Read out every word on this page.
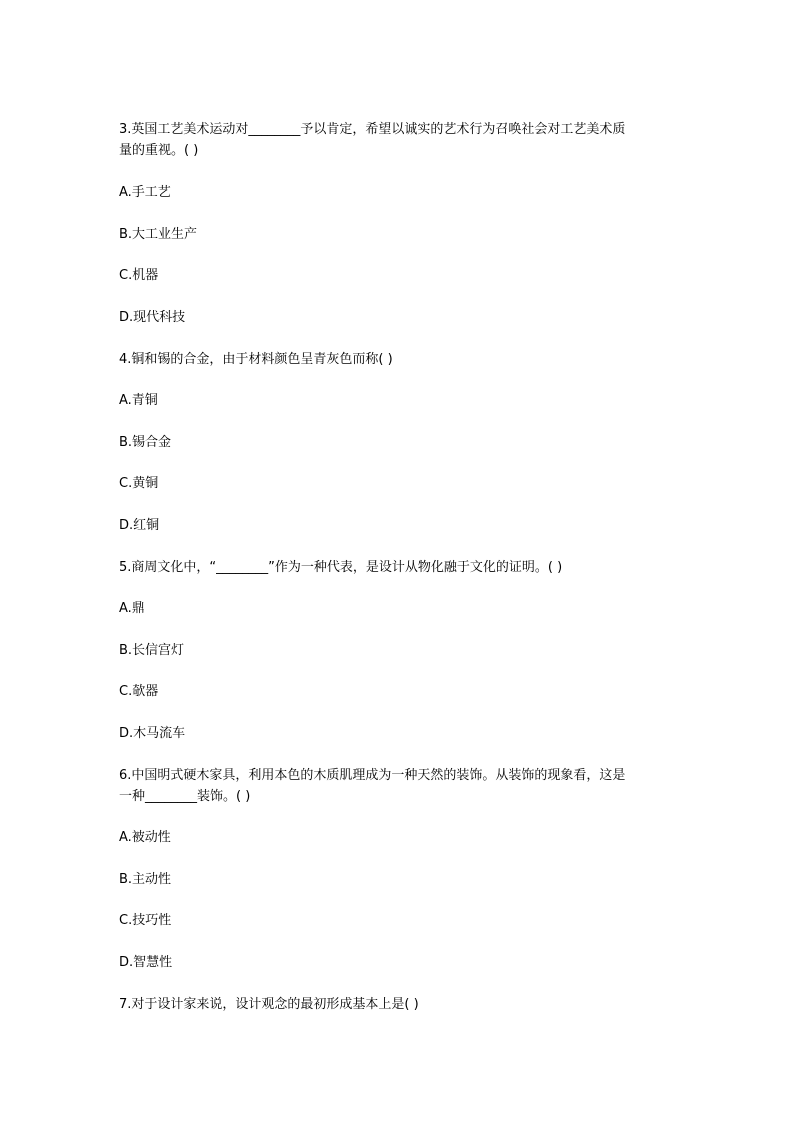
3.英国工艺美术运动对________予以肯定，希望以诚实的艺术行为召唤社会对工艺美术质
量的重视。( )
A.手工艺
B.大工业生产
C.机器
D.现代科技
4.铜和锡的合金，由于材料颜色呈青灰色而称( )
A.青铜
B.锡合金
C.黄铜
D.红铜
5.商周文化中，“________”作为一种代表，是设计从物化融于文化的证明。( )
A.鼎
B.长信宫灯
C.欹器
D.木马流车
6.中国明式硬木家具，利用本色的木质肌理成为一种天然的装饰。从装饰的现象看，这是
一种________装饰。( )
A.被动性
B.主动性
C.技巧性
D.智慧性
7.对于设计家来说，设计观念的最初形成基本上是( )
